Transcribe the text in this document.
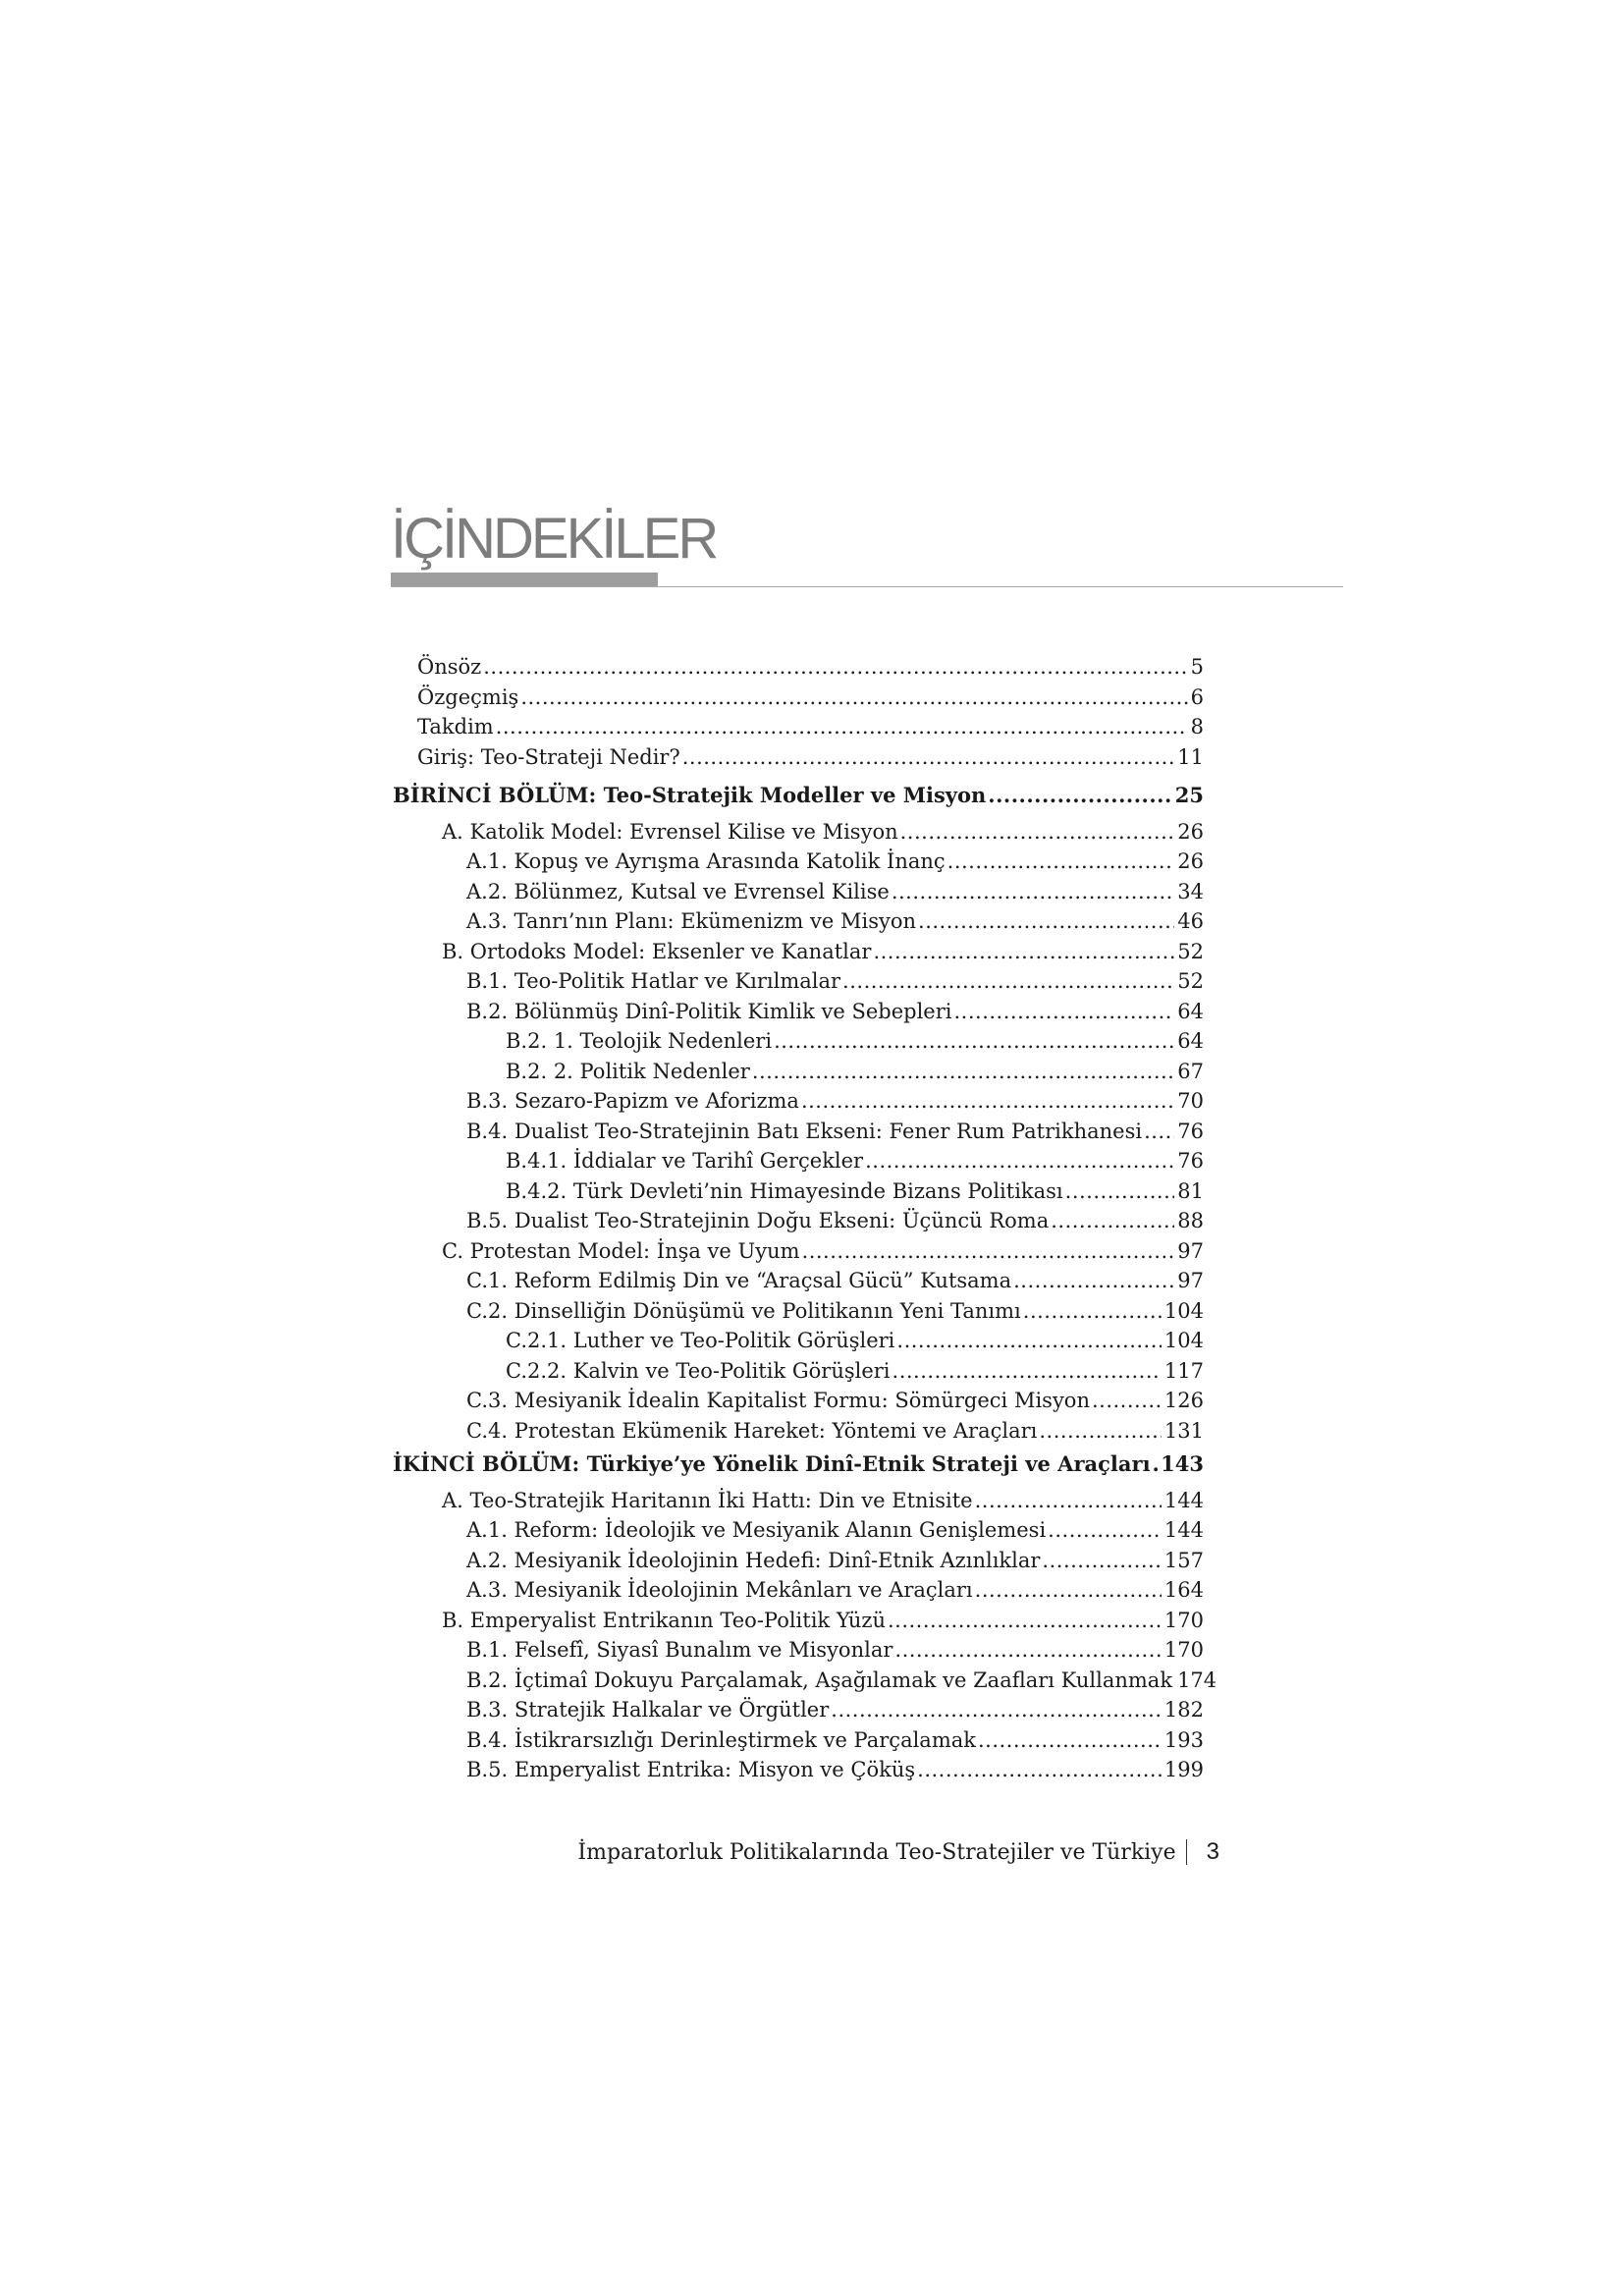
İÇİNDEKİLER
Önsöz .....	5
Özgeçmiş .....	6
Takdim .....	8
Giriş: Teo-Strateji Nedir? .....	11
BİRİNCİ BÖLÜM: Teo-Stratejik Modeller ve Misyon .....	25
A. Katolik Model: Evrensel Kilise ve Misyon .....	26
A.1. Kopuş ve Ayrışma Arasında Katolik İnanç .....	26
A.2. Bölünmez, Kutsal ve Evrensel Kilise .....	34
A.3. Tanrı’nın Planı: Ekümenizm ve Misyon .....	46
B. Ortodoks Model: Eksenler ve Kanatlar .....	52
B.1. Teo-Politik Hatlar ve Kırılmalar .....	52
B.2. Bölünmüş Dinî-Politik Kimlik ve Sebepleri .....	64
B.2. 1. Teolojik Nedenleri .....	64
B.2. 2. Politik Nedenler .....	67
B.3. Sezaro-Papizm ve Aforizma .....	70
B.4. Dualist Teo-Stratejinin Batı Ekseni: Fener Rum Patrikhanesi ..... 76
B.4.1. İddialar ve Tarihî Gerçekler .....	76
B.4.2. Türk Devleti’nin Himayesinde Bizans Politikası .....	81
B.5. Dualist Teo-Stratejinin Doğu Ekseni: Üçüncü Roma .....	88
C. Protestan Model: İnşa ve Uyum .....	97
C.1. Reform Edilmiş Din ve “Araçsal Gücü” Kutsama .....	97
C.2. Dinselliğin Dönüşümü ve Politikanın Yeni Tanımı .....	104
C.2.1. Luther ve Teo-Politik Görüşleri .....	104
C.2.2. Kalvin ve Teo-Politik Görüşleri .....	117
C.3. Mesiyanik İdealin Kapitalist Formu: Sömürgeci Misyon .....	126
C.4. Protestan Ekümenik Hareket: Yöntemi ve Araçları .....	131
İKİNCİ BÖLÜM: Türkiye’ye Yönelik Dinî-Etnik Strateji ve Araçları ..... 143
A. Teo-Stratejik Haritanın İki Hattı: Din ve Etnisite .....	144
A.1. Reform: İdeolojik ve Mesiyanik Alanın Genişlemesi .....	144
A.2. Mesiyanik İdeolojinin Hedefi: Dinî-Etnik Azınlıklar .....	157
A.3. Mesiyanik İdeolojinin Mekânları ve Araçları .....	164
B. Emperyalist Entrikanın Teo-Politik Yüzü .....	170
B.1. Felsefî, Siyasî Bunalım ve Misyonlar .....	170
B.2. İçtimaî Dokuyu Parçalamak, Aşağılamak ve Zaafları Kullanmak 174
B.3. Stratejik Halkalar ve Örgütler .....	182
B.4. İstikrarsızlığı Derinleştirmek ve Parçalamak .....	193
B.5. Emperyalist Entrika: Misyon ve Çöküş .....	199
İmparatorluk Politikalarında Teo-Stratejiler ve Türkiye 3
